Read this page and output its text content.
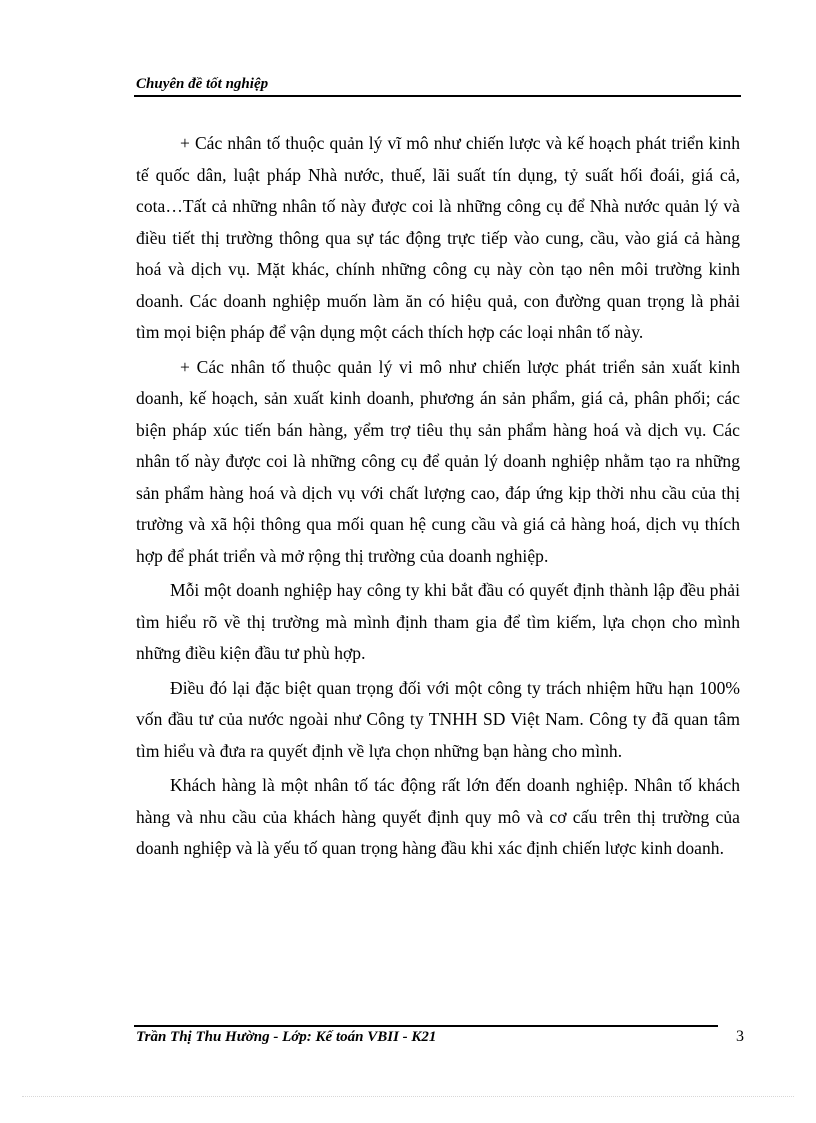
Chuyên đề tốt nghiệp

+ Các nhân tố thuộc quản lý vĩ mô như chiến lược và kế hoạch phát triển kinh tế quốc dân, luật pháp Nhà nước, thuế, lãi suất tín dụng, tỷ suất hối đoái, giá cả, cota…Tất cả những nhân tố này được coi là những công cụ để Nhà nước quản lý và điều tiết thị trường thông qua sự tác động trực tiếp vào cung, cầu, vào giá cả hàng hoá và dịch vụ. Mặt khác, chính những công cụ này còn tạo nên môi trường kinh doanh. Các doanh nghiệp muốn làm ăn có hiệu quả, con đường quan trọng là phải tìm mọi biện pháp để vận dụng một cách thích hợp các loại nhân tố này.

+ Các nhân tố thuộc quản lý vi mô như chiến lược phát triển sản xuất kinh doanh, kế hoạch, sản xuất kinh doanh, phương án sản phẩm, giá cả, phân phối; các biện pháp xúc tiến bán hàng, yểm trợ tiêu thụ sản phẩm hàng hoá và dịch vụ. Các nhân tố này được coi là những công cụ để quản lý doanh nghiệp nhằm tạo ra những sản phẩm hàng hoá và dịch vụ với chất lượng cao, đáp ứng kịp thời nhu cầu của thị trường và xã hội thông qua mối quan hệ cung cầu và giá cả hàng hoá, dịch vụ thích hợp để phát triển và mở rộng thị trường của doanh nghiệp.

Mỗi một doanh nghiệp hay công ty khi bắt đầu có quyết định thành lập đều phải tìm hiểu rõ về thị trường mà mình định tham gia để tìm kiếm, lựa chọn cho mình những điều kiện đầu tư phù hợp.

Điều đó lại đặc biệt quan trọng đối với một công ty trách nhiệm hữu hạn 100% vốn đầu tư của nước ngoài như Công ty TNHH SD Việt Nam. Công ty đã quan tâm tìm hiểu và đưa ra quyết định về lựa chọn những bạn hàng cho mình.

Khách hàng là một nhân tố tác động rất lớn đến doanh nghiệp. Nhân tố khách hàng và nhu cầu của khách hàng quyết định quy mô và cơ cấu trên thị trường của doanh nghiệp và là yếu tố quan trọng hàng đầu khi xác định chiến lược kinh doanh.

Trần Thị Thu Hường - Lớp: Kế toán VBII - K21	3
